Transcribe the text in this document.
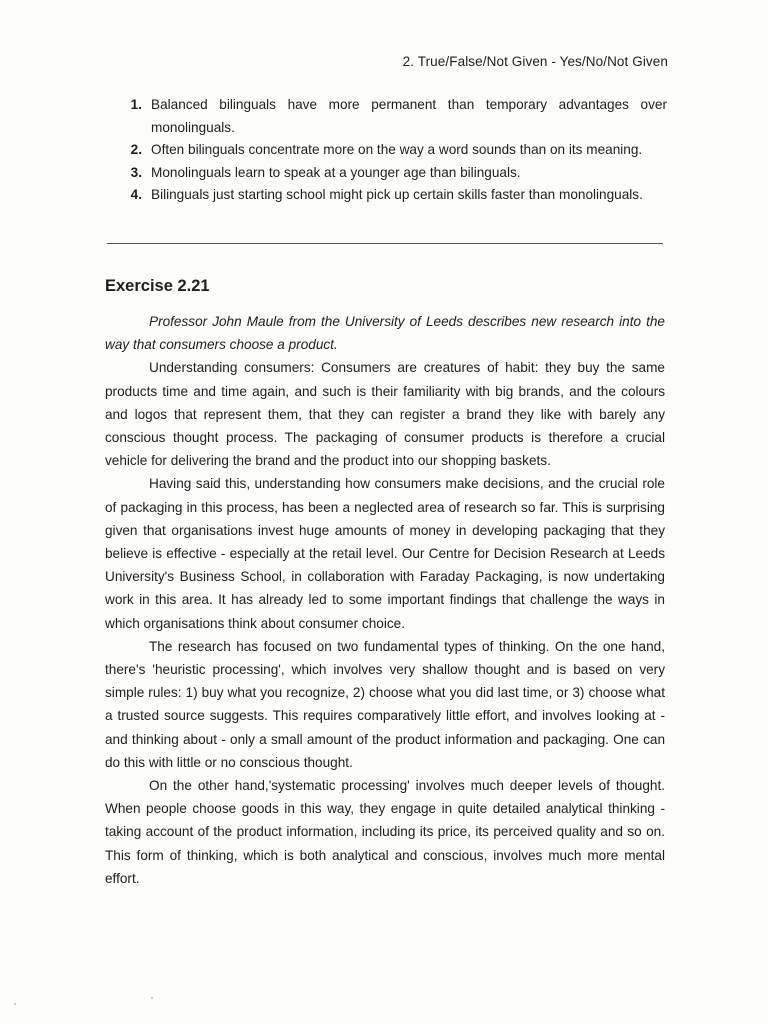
2. True/False/Not Given - Yes/No/Not Given
1. Balanced bilinguals have more permanent than temporary advantages over monolinguals.
2. Often bilinguals concentrate more on the way a word sounds than on its meaning.
3. Monolinguals learn to speak at a younger age than bilinguals.
4. Bilinguals just starting school might pick up certain skills faster than monolinguals.
Exercise 2.21

Professor John Maule from the University of Leeds describes new research into the way that consumers choose a product.

Understanding consumers: Consumers are creatures of habit: they buy the same products time and time again, and such is their familiarity with big brands, and the colours and logos that represent them, that they can register a brand they like with barely any conscious thought process. The packaging of consumer products is therefore a crucial vehicle for delivering the brand and the product into our shopping baskets.

Having said this, understanding how consumers make decisions, and the crucial role of packaging in this process, has been a neglected area of research so far. This is surprising given that organisations invest huge amounts of money in developing packaging that they believe is effective - especially at the retail level. Our Centre for Decision Research at Leeds University's Business School, in collaboration with Faraday Packaging, is now undertaking work in this area. It has already led to some important findings that challenge the ways in which organisations think about consumer choice.

The research has focused on two fundamental types of thinking. On the one hand, there's 'heuristic processing', which involves very shallow thought and is based on very simple rules: 1) buy what you recognize, 2) choose what you did last time, or 3) choose what a trusted source suggests. This requires comparatively little effort, and involves looking at - and thinking about - only a small amount of the product information and packaging. One can do this with little or no conscious thought.

On the other hand,'systematic processing' involves much deeper levels of thought. When people choose goods in this way, they engage in quite detailed analytical thinking - taking account of the product information, including its price, its perceived quality and so on. This form of thinking, which is both analytical and conscious, involves much more mental effort.
